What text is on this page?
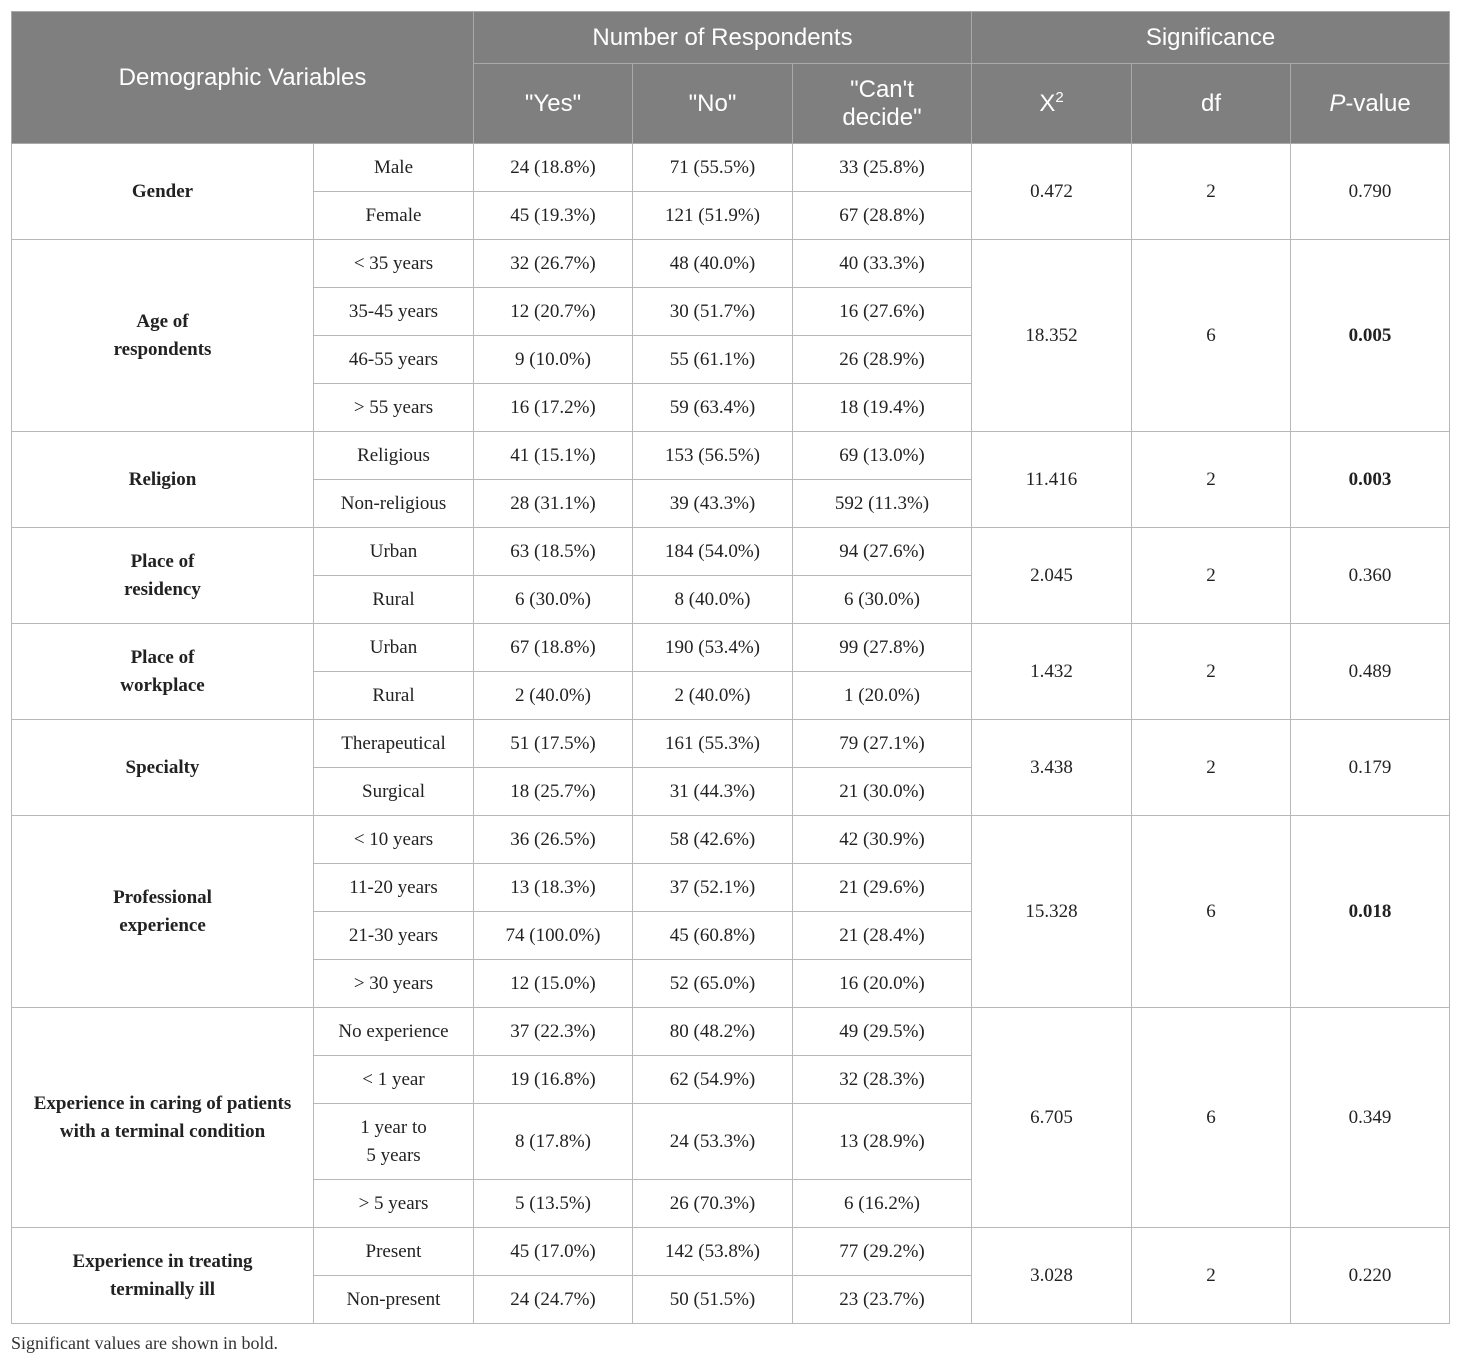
Demographic Variables		Number of Respondents			Significance		
		"Yes"	"No"	"Can't
decide"	$X^2$	df	P-value
Gender	Male	24 (18.8%)	71 (55.5%)	33 (25.8%)	0.472	2	0.790
	Female	45 (19.3%)	121 (51.9%)	67 (28.8%)			
Age of
respondents	< 35 years	32 (26.7%)	48 (40.0%)	40 (33.3%)	18.352	6	0.005
	35-45 years	12 (20.7%)	30 (51.7%)	16 (27.6%)			
	46-55 years	9 (10.0%)	55 (61.1%)	26 (28.9%)			
	> 55 years	16 (17.2%)	59 (63.4%)	18 (19.4%)			
Religion	Religious	41 (15.1%)	153 (56.5%)	69 (13.0%)	11.416	2	0.003
	Non-religious	28 (31.1%)	39 (43.3%)	592 (11.3%)			
Place of
residency	Urban	63 (18.5%)	184 (54.0%)	94 (27.6%)	2.045	2	0.360
	Rural	6 (30.0%)	8 (40.0%)	6 (30.0%)			
Place of
workplace	Urban	67 (18.8%)	190 (53.4%)	99 (27.8%)	1.432	2	0.489
	Rural	2 (40.0%)	2 (40.0%)	1 (20.0%)			
Specialty	Therapeutical	51 (17.5%)	161 (55.3%)	79 (27.1%)	3.438	2	0.179
	Surgical	18 (25.7%)	31 (44.3%)	21 (30.0%)			
Professional
experience	< 10 years	36 (26.5%)	58 (42.6%)	42 (30.9%)	15.328	6	0.018
	11-20 years	13 (18.3%)	37 (52.1%)	21 (29.6%)			
	21-30 years	74 (100.0%)	45 (60.8%)	21 (28.4%)			
	> 30 years	12 (15.0%)	52 (65.0%)	16 (20.0%)			
Experience in caring of patients
with a terminal condition	No experience	37 (22.3%)	80 (48.2%)	49 (29.5%)	6.705	6	0.349
	< 1 year	19 (16.8%)	62 (54.9%)	32 (28.3%)			
	1 year to
5 years	8 (17.8%)	24 (53.3%)	13 (28.9%)			
	> 5 years	5 (13.5%)	26 (70.3%)	6 (16.2%)			
Experience in treating
terminally ill	Present	45 (17.0%)	142 (53.8%)	77 (29.2%)	3.028	2	0.220
	Non-present	24 (24.7%)	50 (51.5%)	23 (23.7%)			
Significant values are shown in bold.
